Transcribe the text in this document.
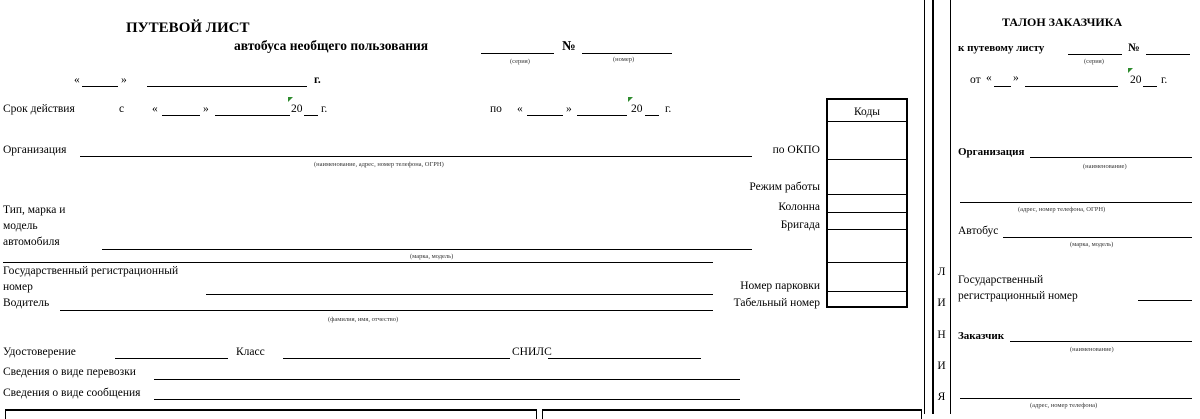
ПУТЕВОЙ ЛИСТ
автобуса необщего пользования	№
(серия)	(номер)
«	»	г.
Срок действия	с «	»	20 г.	по «	»	20 г.
Организация
(наименование, адрес, номер телефона, ОГРН)
по ОКПО
Режим работы
Тип, марка и
модель
автомобиля
(марка, модель)
Колонна
Бригада
Государственный регистрационный
номер	Номер парковки
Водитель
(фамилия, имя, отчество)
Табельный номер
Удостоверение	Класс	СНИЛС
Сведения о виде перевозки
Сведения о виде сообщения
Коды
Л
И
Н
И
Я
ТАЛОН ЗАКАЗЧИКА
к путевому листу
(серия)
№
от « »	20 г.
Организация
(наименование)
(адрес, номер телефона, ОГРН)
Автобус
(марка, модель)
Государственный
регистрационный номер
Заказчик
(наименование)
(адрес, номер телефона)
